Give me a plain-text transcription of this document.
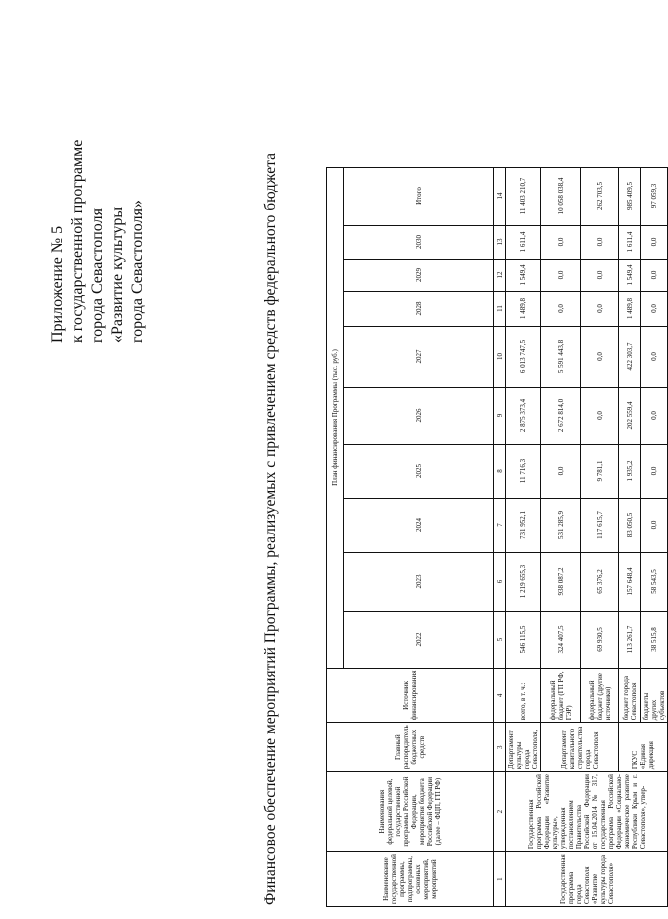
Приложение № 5 к государственной программе города Севастополя «Развитие культуры города Севастополя»	Финансовое обеспечение мероприятий Программы, реализуемых с привлечением средств федерального бюджета	Наименование государственной программы, подпрограммы, основных мероприятий, мероприятий	Наименования федеральной целевой, государственной программы Российской Федерации, мероприятия бюджета Российской Федерации (далее – ФЦП, ГП РФ)	Главный распорядитель бюджетных средств	Источник финансирования	План финансирования Программы (тыс. руб.)									
				2022	2023	2024	2025	2026	2027	2028	2029	2030	Итого
1	2	3	4	5	6	7	8	9	10	11	12	13	14
Государственная программа города Севастополя «Развитие культуры города Севастополя»	Государственная программа Российской Федерации «Развитие культуры», утвержденная постановлением Правительства Российской Федерации от 15.04.2014 № 317, государственная программа Российской Федерации «Социально-экономическое развитие Республики Крым и г. Севастополя», утвер-	Департамент культуры города Севастополя,	всего, в т. ч.:	546 115,5	1 219 655,3	731 952,1	11 716,3	2 875 373,4	6 013 747,5	1 489,8	1 549,4	1 611,4	11 403 210,7
		Департамент капитального строительства города Севастополя	федеральный бюджет (ГП РФ, ГЭР)	324 407,5	938 087,2	531 285,9	0,0	2 672 814,0	5 591 443,8	0,0	0,0	0,0	10 058 038,4
			федеральный бюджет (другие источники)	69 930,5	65 376,2	117 615,7	9 781,1	0,0	0,0	0,0	0,0	0,0	262 703,5
		ГКУС «Единая дирекция	бюджет города Севастополя	113 261,7	157 648,4	83 050,5	1 935,2	202 559,4	422 303,7	1 489,8	1 549,4	1 611,4	985 409,5
			бюджеты других субъектов	38 515,8	58 543,5	0,0	0,0	0,0	0,0	0,0	0,0	0,0	97 059,3
